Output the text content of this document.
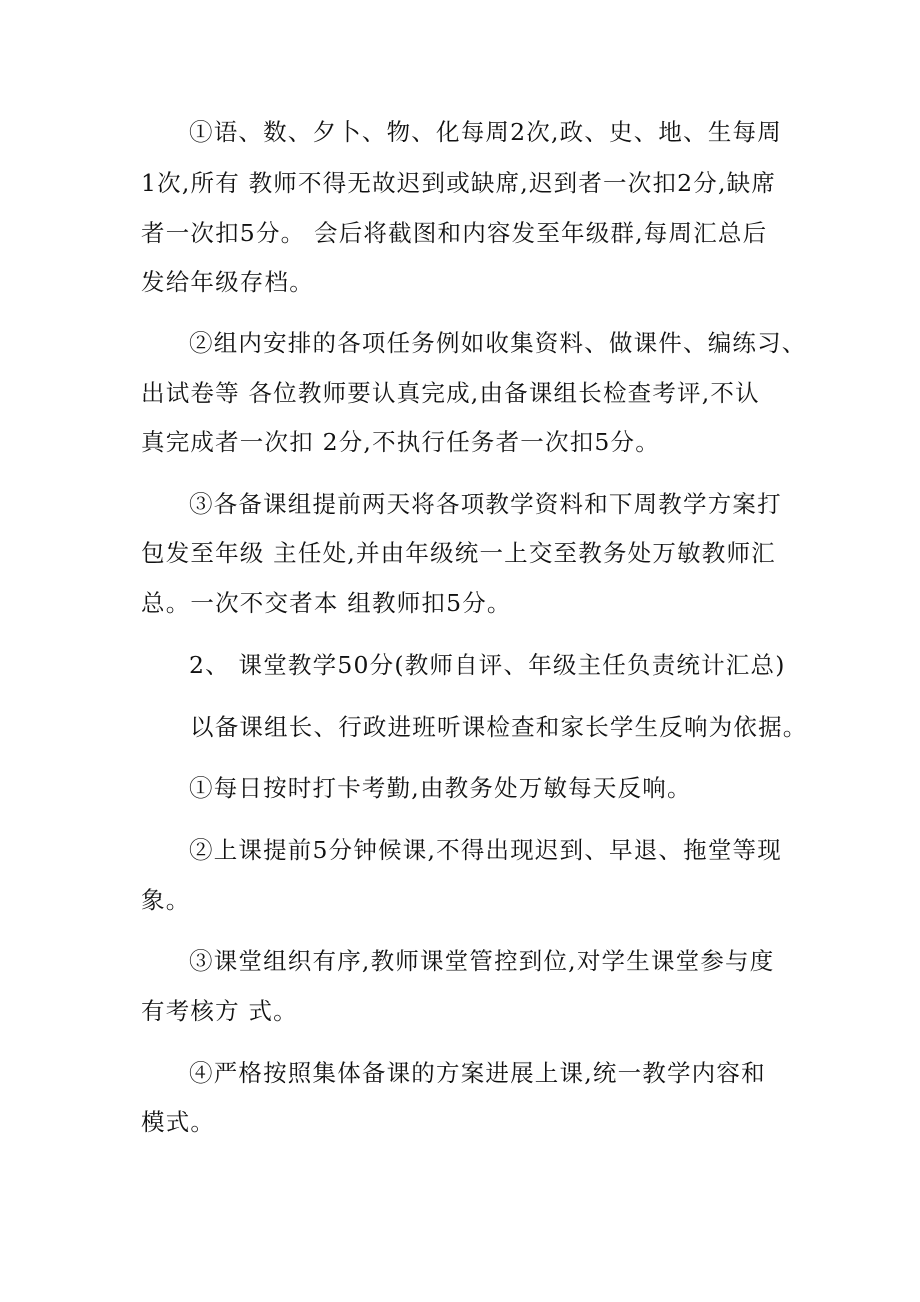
①语、数、夕卜、物、化每周2次,政、史、地、生每周

1次,所有 教师不得无故迟到或缺席,迟到者一次扣2分,缺席

者一次扣5分。 会后将截图和内容发至年级群,每周汇总后

发给年级存档。

②组内安排的各项任务例如收集资料、做课件、编练习、

出试卷等 各位教师要认真完成,由备课组长检查考评,不认

真完成者一次扣 2分,不执行任务者一次扣5分。

③各备课组提前两天将各项教学资料和下周教学方案打

包发至年级 主任处,并由年级统一上交至教务处万敏教师汇

总。一次不交者本 组教师扣5分。

2、 课堂教学50分(教师自评、年级主任负责统计汇总)

以备课组长、行政进班听课检查和家长学生反响为依据。

①每日按时打卡考勤,由教务处万敏每天反响。

②上课提前5分钟候课,不得出现迟到、早退、拖堂等现

象。

③课堂组织有序,教师课堂管控到位,对学生课堂参与度

有考核方 式。

④严格按照集体备课的方案进展上课,统一教学内容和

模式。
